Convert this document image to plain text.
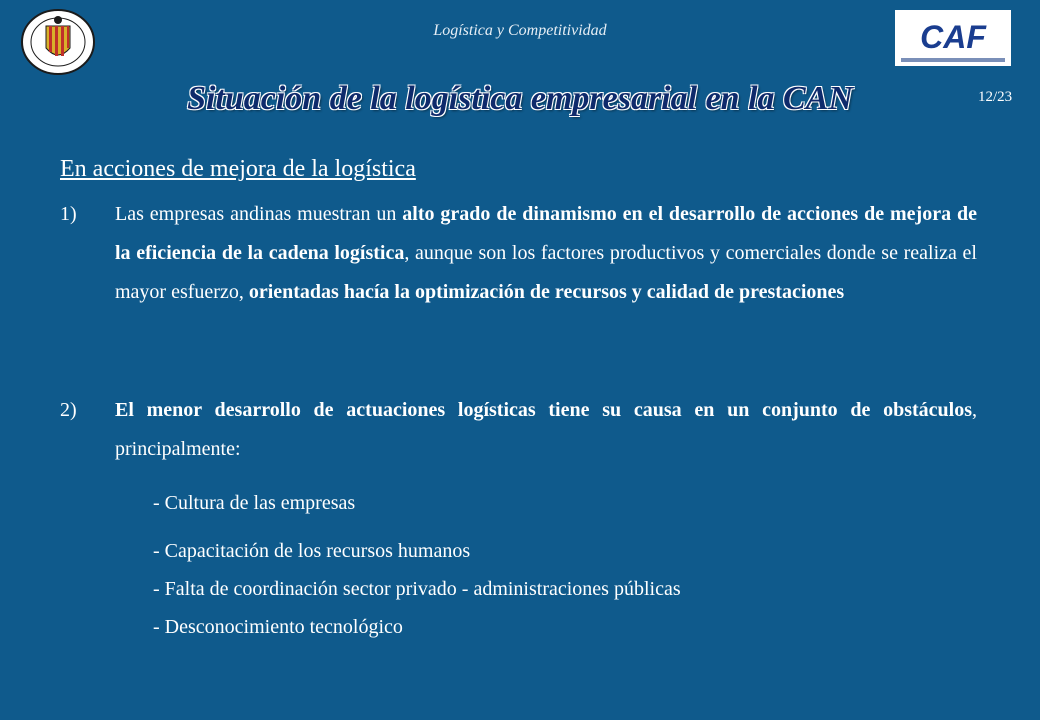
Logística y Competitividad	CAF
12/23
Situación de la logística empresarial en la CAN
En acciones de mejora de la logística
1)	Las empresas andinas muestran un alto grado de dinamismo en el desarrollo de acciones de mejora de la eficiencia de la cadena logística, aunque son los factores productivos y comerciales donde se realiza el mayor esfuerzo, orientadas hacía la optimización de recursos y calidad de prestaciones
2)	El menor desarrollo de actuaciones logísticas tiene su causa en un conjunto de obstáculos, principalmente:
- Cultura de las empresas
- Capacitación de los recursos humanos
- Falta de coordinación sector privado - administraciones públicas
- Desconocimiento tecnológico
